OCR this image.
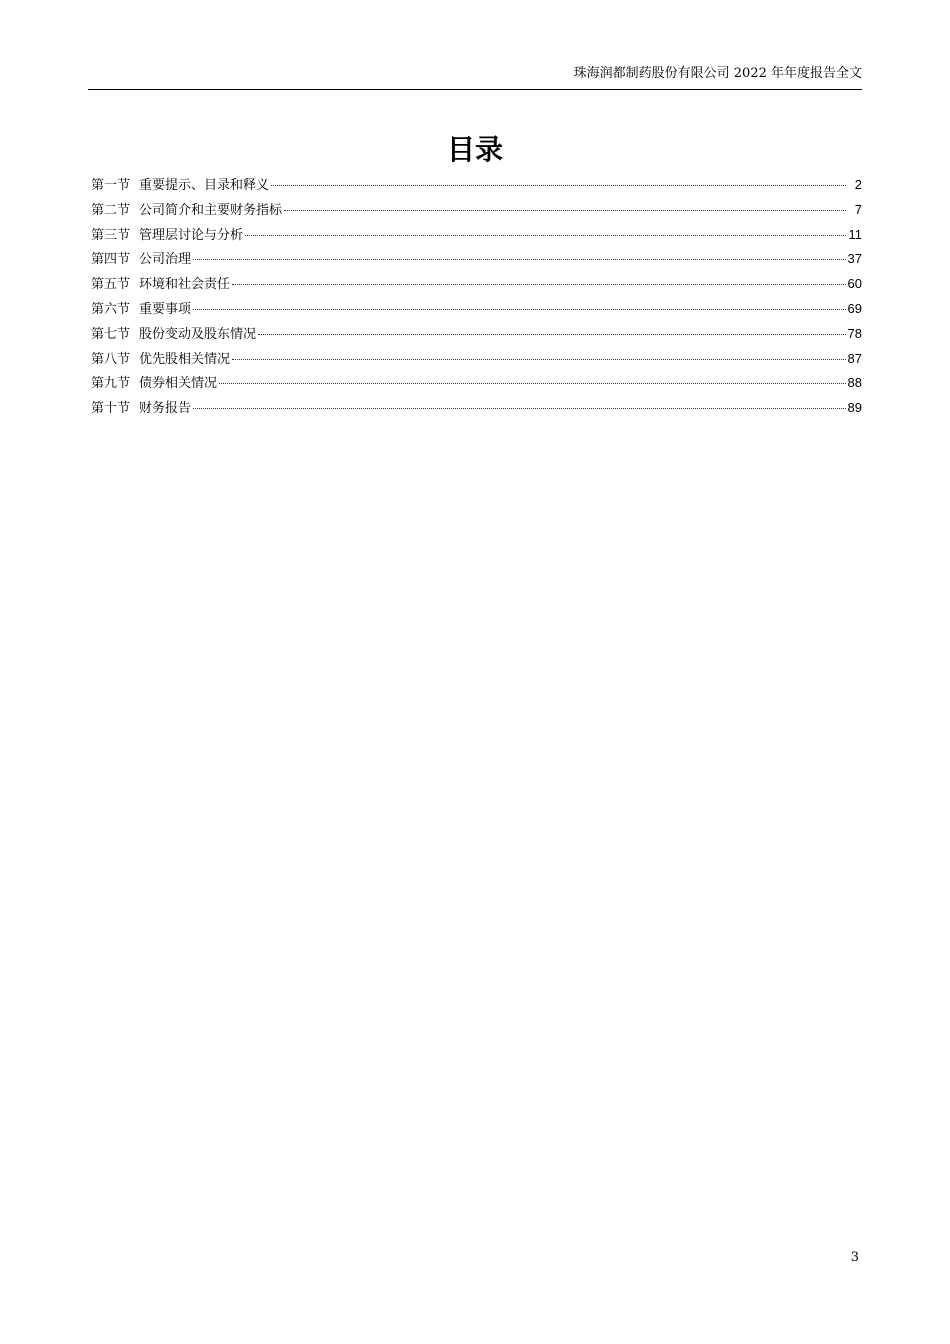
珠海润都制药股份有限公司 2022 年年度报告全文
目录
第一节 重要提示、目录和释义	2
第二节 公司简介和主要财务指标	7
第三节 管理层讨论与分析	11
第四节 公司治理	37
第五节 环境和社会责任	60
第六节 重要事项	69
第七节 股份变动及股东情况	78
第八节 优先股相关情况	87
第九节 债券相关情况	88
第十节 财务报告	89
3
